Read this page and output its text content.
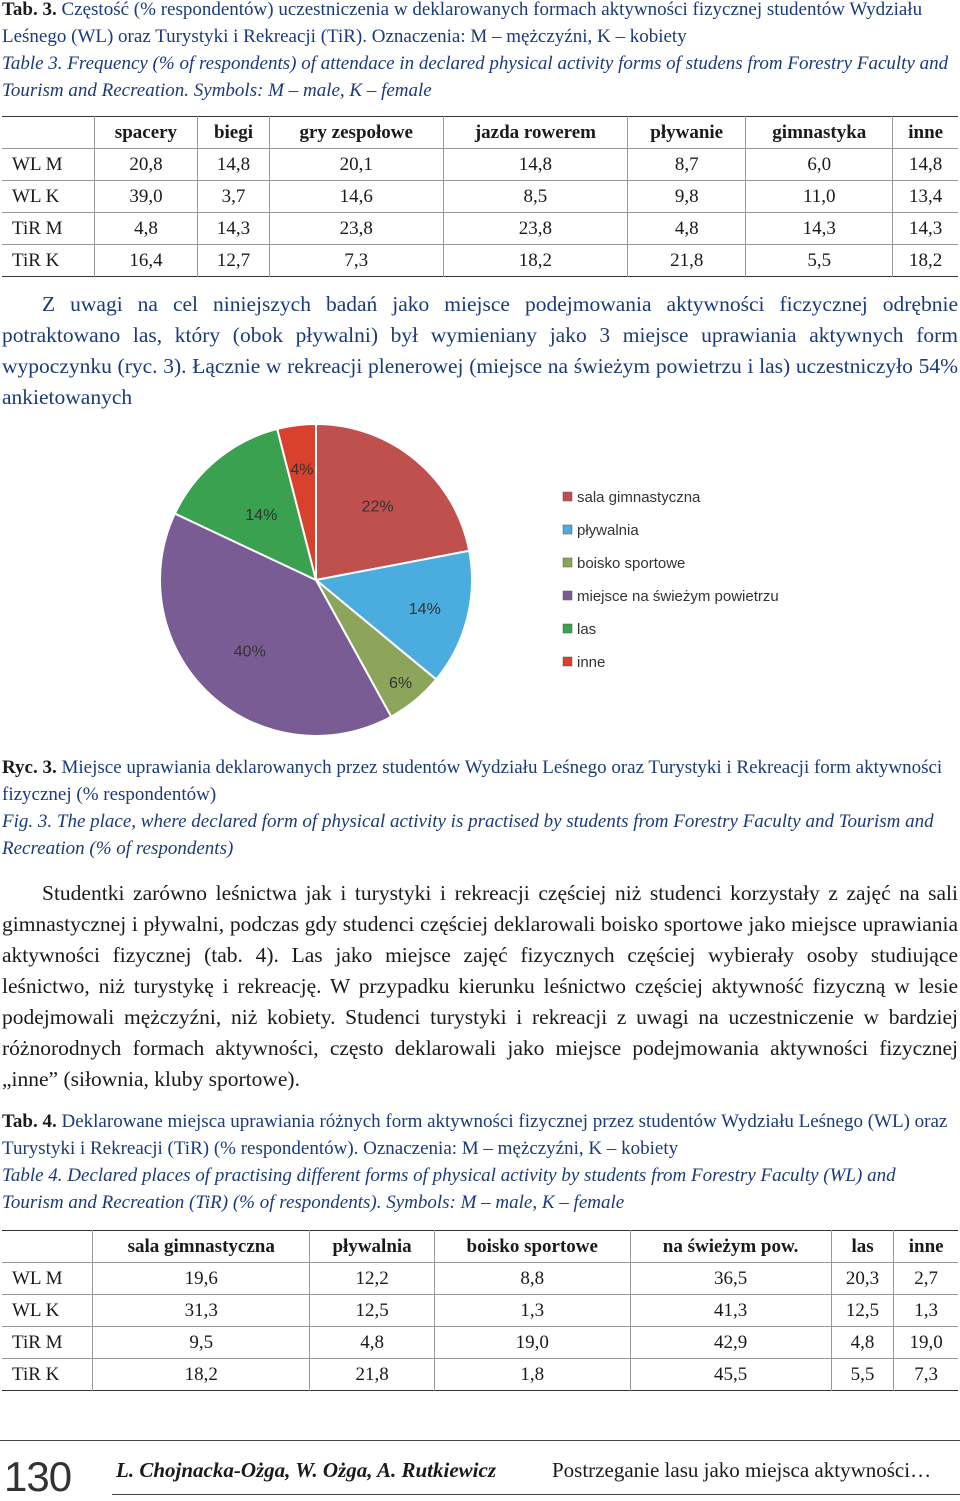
Tab. 3. Częstość (% respondentów) uczestniczenia w deklarowanych formach aktywności fizycznej studentów Wydziału Leśnego (WL) oraz Turystyki i Rekreacji (TiR). Oznaczenia: M – mężczyźni, K – kobiety
Table 3. Frequency (% of respondents) of attendace in declared physical activity forms of studens from Forestry Faculty and Tourism and Recreation. Symbols: M – male, K – female
	spacery	biegi	gry zespołowe	jazda rowerem	pływanie	gimnastyka	inne
WL M	20,8	14,8	20,1	14,8	8,7	6,0	14,8
WL K	39,0	3,7	14,6	8,5	9,8	11,0	13,4
TiR M	4,8	14,3	23,8	23,8	4,8	14,3	14,3
TiR K	16,4	12,7	7,3	18,2	21,8	5,5	18,2

Z uwagi na cel niniejszych badań jako miejsce podejmowania aktywności ficzycznej odrębnie potraktowano las, który (obok pływalni) był wymieniany jako 3 miejsce uprawiania aktywnych form wypoczynku (ryc. 3). Łącznie w rekreacji plenerowej (miejsce na świeżym powietrzu i las) uczestniczyło 54% ankietowanych

22%
14%
6%
40%
14%
4%
sala gimnastyczna
pływalnia
boisko sportowe
miejsce na świeżym powietrzu
las
inne
Ryc. 3. Miejsce uprawiania deklarowanych przez studentów Wydziału Leśnego oraz Turystyki i Rekreacji form aktywności fizycznej (% respondentów)
Fig. 3. The place, where declared form of physical activity is practised by students from Forestry Faculty and Tourism and Recreation (% of respondents)

Studentki zarówno leśnictwa jak i turystyki i rekreacji częściej niż studenci korzystały z zajęć na sali gimnastycznej i pływalni, podczas gdy studenci częściej deklarowali boisko sportowe jako miejsce uprawiania aktywności fizycznej (tab. 4). Las jako miejsce zajęć fizycznych częściej wybierały osoby studiujące leśnictwo, niż turystykę i rekreację. W przypadku kierunku leśnictwo częściej aktywność fizyczną w lesie podejmowali mężczyźni, niż kobiety. Studenci turystyki i rekreacji z uwagi na uczestniczenie w bardziej różnorodnych formach aktywności, często deklarowali jako miejsce podejmowania aktywności fizycznej „inne” (siłownia, kluby sportowe).

Tab. 4. Deklarowane miejsca uprawiania różnych form aktywności fizycznej przez studentów Wydziału Leśnego (WL) oraz Turystyki i Rekreacji (TiR) (% respondentów). Oznaczenia: M – mężczyźni, K – kobiety
Table 4. Declared places of practising different forms of physical activity by students from Forestry Faculty (WL) and Tourism and Recreation (TiR) (% of respondents). Symbols: M – male, K – female
	sala gimnastyczna	pływalnia	boisko sportowe	na świeżym pow.	las	inne
WL M	19,6	12,2	8,8	36,5	20,3	2,7
WL K	31,3	12,5	1,3	41,3	12,5	1,3
TiR M	9,5	4,8	19,0	42,9	4,8	19,0
TiR K	18,2	21,8	1,8	45,5	5,5	7,3
130 L. Chojnacka-Ożga, W. Ożga, A. Rutkiewicz	Postrzeganie lasu jako miejsca aktywności…
